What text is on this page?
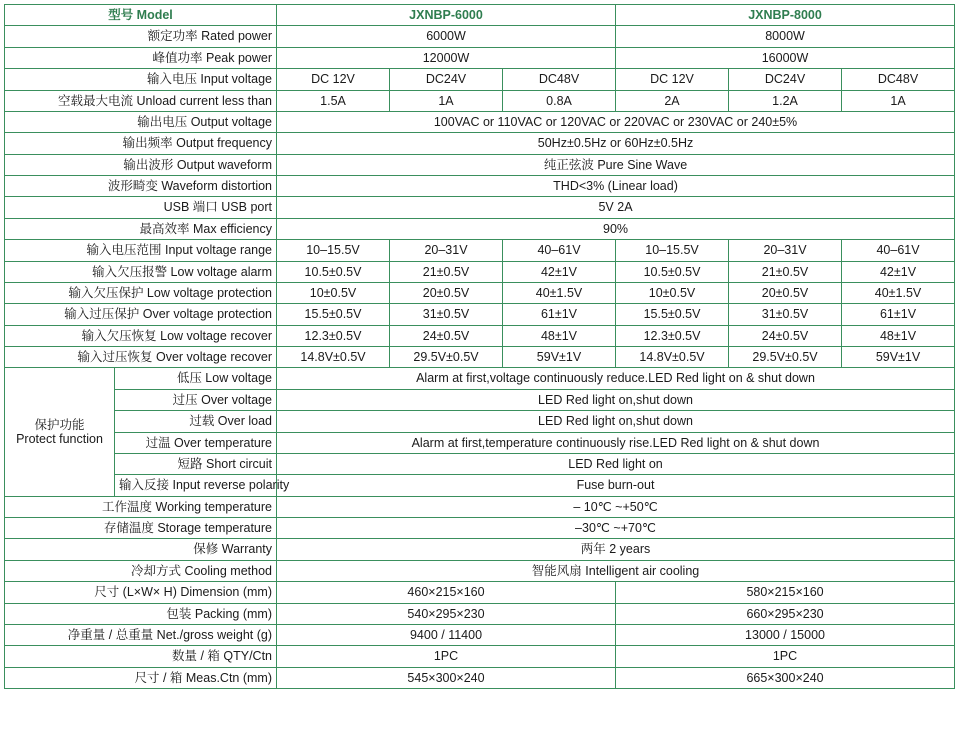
型号 Model		JXNBP-6000			JXNBP-8000		
额定功率 Rated power		6000W			8000W		
峰值功率 Peak power		12000W			16000W		
输入电压 Input voltage		DC 12V	DC24V	DC48V	DC 12V	DC24V	DC48V
空载最大电流 Unload current less than		1.5A	1A	0.8A	2A	1.2A	1A
输出电压 Output voltage		100VAC or 110VAC or 120VAC or 220VAC or 230VAC or 240±5%					
输出频率 Output frequency		50Hz±0.5Hz or 60Hz±0.5Hz					
输出波形 Output waveform		纯正弦波 Pure Sine Wave					
波形畸变 Waveform distortion		THD<3% (Linear load)					
USB 端口 USB port		5V 2A					
最高效率 Max efficiency		90%					
输入电压范围 Input voltage range		10–15.5V	20–31V	40–61V	10–15.5V	20–31V	40–61V
输入欠压报警 Low voltage alarm		10.5±0.5V	21±0.5V	42±1V	10.5±0.5V	21±0.5V	42±1V
输入欠压保护 Low voltage protection		10±0.5V	20±0.5V	40±1.5V	10±0.5V	20±0.5V	40±1.5V
输入过压保护 Over voltage protection		15.5±0.5V	31±0.5V	61±1V	15.5±0.5V	31±0.5V	61±1V
输入欠压恢复 Low voltage recover		12.3±0.5V	24±0.5V	48±1V	12.3±0.5V	24±0.5V	48±1V
输入过压恢复 Over voltage recover		14.8V±0.5V	29.5V±0.5V	59V±1V	14.8V±0.5V	29.5V±0.5V	59V±1V

保护功能
Protect function	低压 Low voltage	Alarm at first,voltage continuously reduce.LED Red light on & shut down					
	过压 Over voltage	LED Red light on,shut down					
	过载 Over load	LED Red light on,shut down					
	过温 Over temperature	Alarm at first,temperature continuously rise.LED Red light on & shut down					
	短路 Short circuit	LED Red light on					
	输入反接 Input reverse polarity	Fuse burn-out					
工作温度 Working temperature		– 10℃ ~+50℃					
存储温度 Storage temperature		–30℃ ~+70℃					
保修 Warranty		两年 2 years					
冷却方式 Cooling method		智能风扇 Intelligent air cooling					
尺寸 (L×W× H) Dimension (mm)		460×215×160			580×215×160		
包装 Packing (mm)		540×295×230			660×295×230		
净重量 / 总重量 Net./gross weight (g)		9400 / 11400			13000 / 15000		
数量 / 箱 QTY/Ctn		1PC			1PC		
尺寸 / 箱 Meas.Ctn (mm)		545×300×240			665×300×240		
